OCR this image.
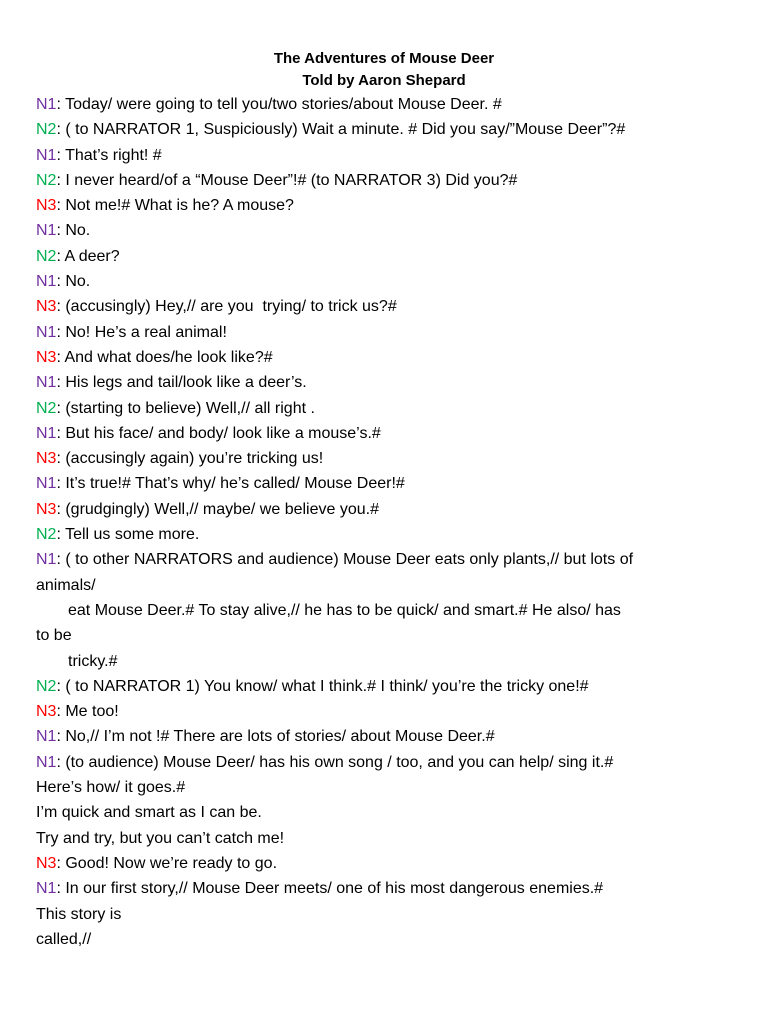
The Adventures of Mouse Deer
Told by Aaron Shepard
N1: Today/ were going to tell you/two stories/about Mouse Deer. #
N2: ( to NARRATOR 1, Suspiciously) Wait a minute. # Did you say/”Mouse Deer”?#
N1: That’s right! #
N2: I never heard/of a “Mouse Deer”!# (to NARRATOR 3) Did you?#
N3: Not me!# What is he? A mouse?
N1: No.
N2: A deer?
N1: No.
N3: (accusingly) Hey,// are you  trying/ to trick us?#
N1: No! He’s a real animal!
N3: And what does/he look like?#
N1: His legs and tail/look like a deer’s.
N2: (starting to believe) Well,// all right .
N1: But his face/ and body/ look like a mouse’s.#
N3: (accusingly again) you’re tricking us!
N1: It’s true!# That’s why/ he’s called/ Mouse Deer!#
N3: (grudgingly) Well,// maybe/ we believe you.#
N2: Tell us some more.
N1: ( to other NARRATORS and audience) Mouse Deer eats only plants,// but lots of
animals/
eat Mouse Deer.# To stay alive,// he has to be quick/ and smart.# He also/ has
to be
tricky.#
N2: ( to NARRATOR 1) You know/ what I think.# I think/ you’re the tricky one!#
N3: Me too!
N1: No,// I’m not !# There are lots of stories/ about Mouse Deer.#
N1: (to audience) Mouse Deer/ has his own song / too, and you can help/ sing it.#
Here’s how/ it goes.#
I’m quick and smart as I can be.
Try and try, but you can’t catch me!
N3: Good! Now we’re ready to go.
N1: In our first story,// Mouse Deer meets/ one of his most dangerous enemies.#
This story is
called,//
